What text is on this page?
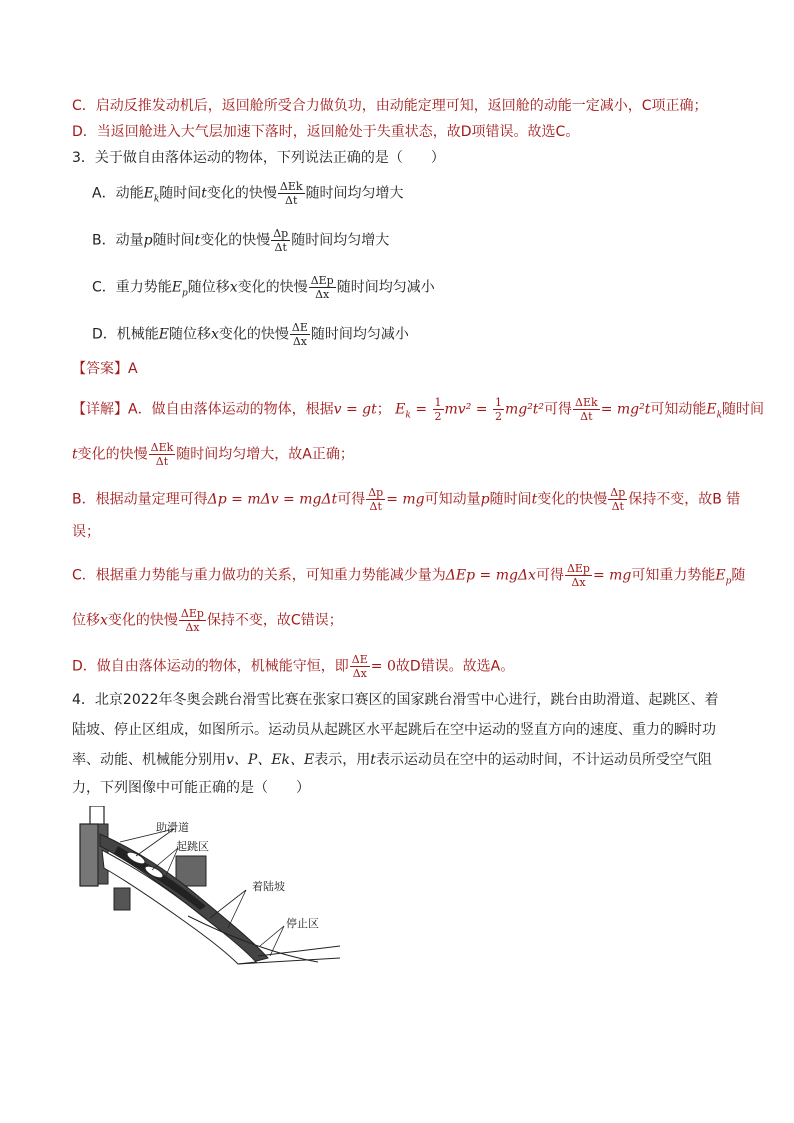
C．启动反推发动机后，返回舱所受合力做负功，由动能定理可知，返回舱的动能一定减小，C项正确；
D．当返回舱进入大气层加速下落时，返回舱处于失重状态，故D项错误。故选C。
3．关于做自由落体运动的物体，下列说法正确的是（　　）
A．动能$E_k$随时间t变化的快慢 $\frac{\text{ΔEk}}{\Delta t}$ 随时间均匀增大
B．动量p随时间t变化的快慢 $\frac{\Delta p}{\Delta t}$ 随时间均匀增大
C．重力势能$E_p$随位移x变化的快慢 $\frac{\text{ΔEp}}{\Delta x}$ 随时间均匀减小
D．机械能E随位移x变化的快慢 $\frac{\Delta E}{\Delta x}$ 随时间均匀减小
【答案】A
【详解】A．做自由落体运动的物体，根据v = gt； $E_k = \frac{1}{2} mv^2 = \frac{1}{2} mg^2t^2$可得 $\frac{\text{ΔEk}}{\Delta t} = mg^2t$可知动能$E_k$随时间
t变化的快慢 $\frac{\text{ΔEk}}{\Delta t}$ 随时间均匀增大，故A正确；
B．根据动量定理可得Δp = mΔv = mgΔt可得 $\frac{\Delta p}{\Delta t}$ = mg可知动量p随时间t变化的快慢 $\frac{\Delta p}{\Delta t}$ 保持不变，故B 错
误；
C．根据重力势能与重力做功的关系，可知重力势能减少量为ΔEp = mgΔx可得 $\frac{\text{ΔEp}}{\Delta x}$ = mg可知重力势能$E_p$随
位移x变化的快慢 $\frac{\text{ΔEp}}{\Delta x}$ 保持不变，故C错误；
D．做自由落体运动的物体，机械能守恒，即 $\frac{\Delta E}{\Delta x} = 0$故D错误。故选A。
4．北京2022年冬奥会跳台滑雪比赛在张家口赛区的国家跳台滑雪中心进行，跳台由助滑道、起跳区、着
陆坡、停止区组成，如图所示。运动员从起跳区水平起跳后在空中运动的竖直方向的速度、重力的瞬时功
率、动能、机械能分别用v、P、Ek、E表示，用t表示运动员在空中的运动时间，不计运动员所受空气阻
力，下列图像中可能正确的是（　　）
助滑道
起跳区
着陆坡
停止区
